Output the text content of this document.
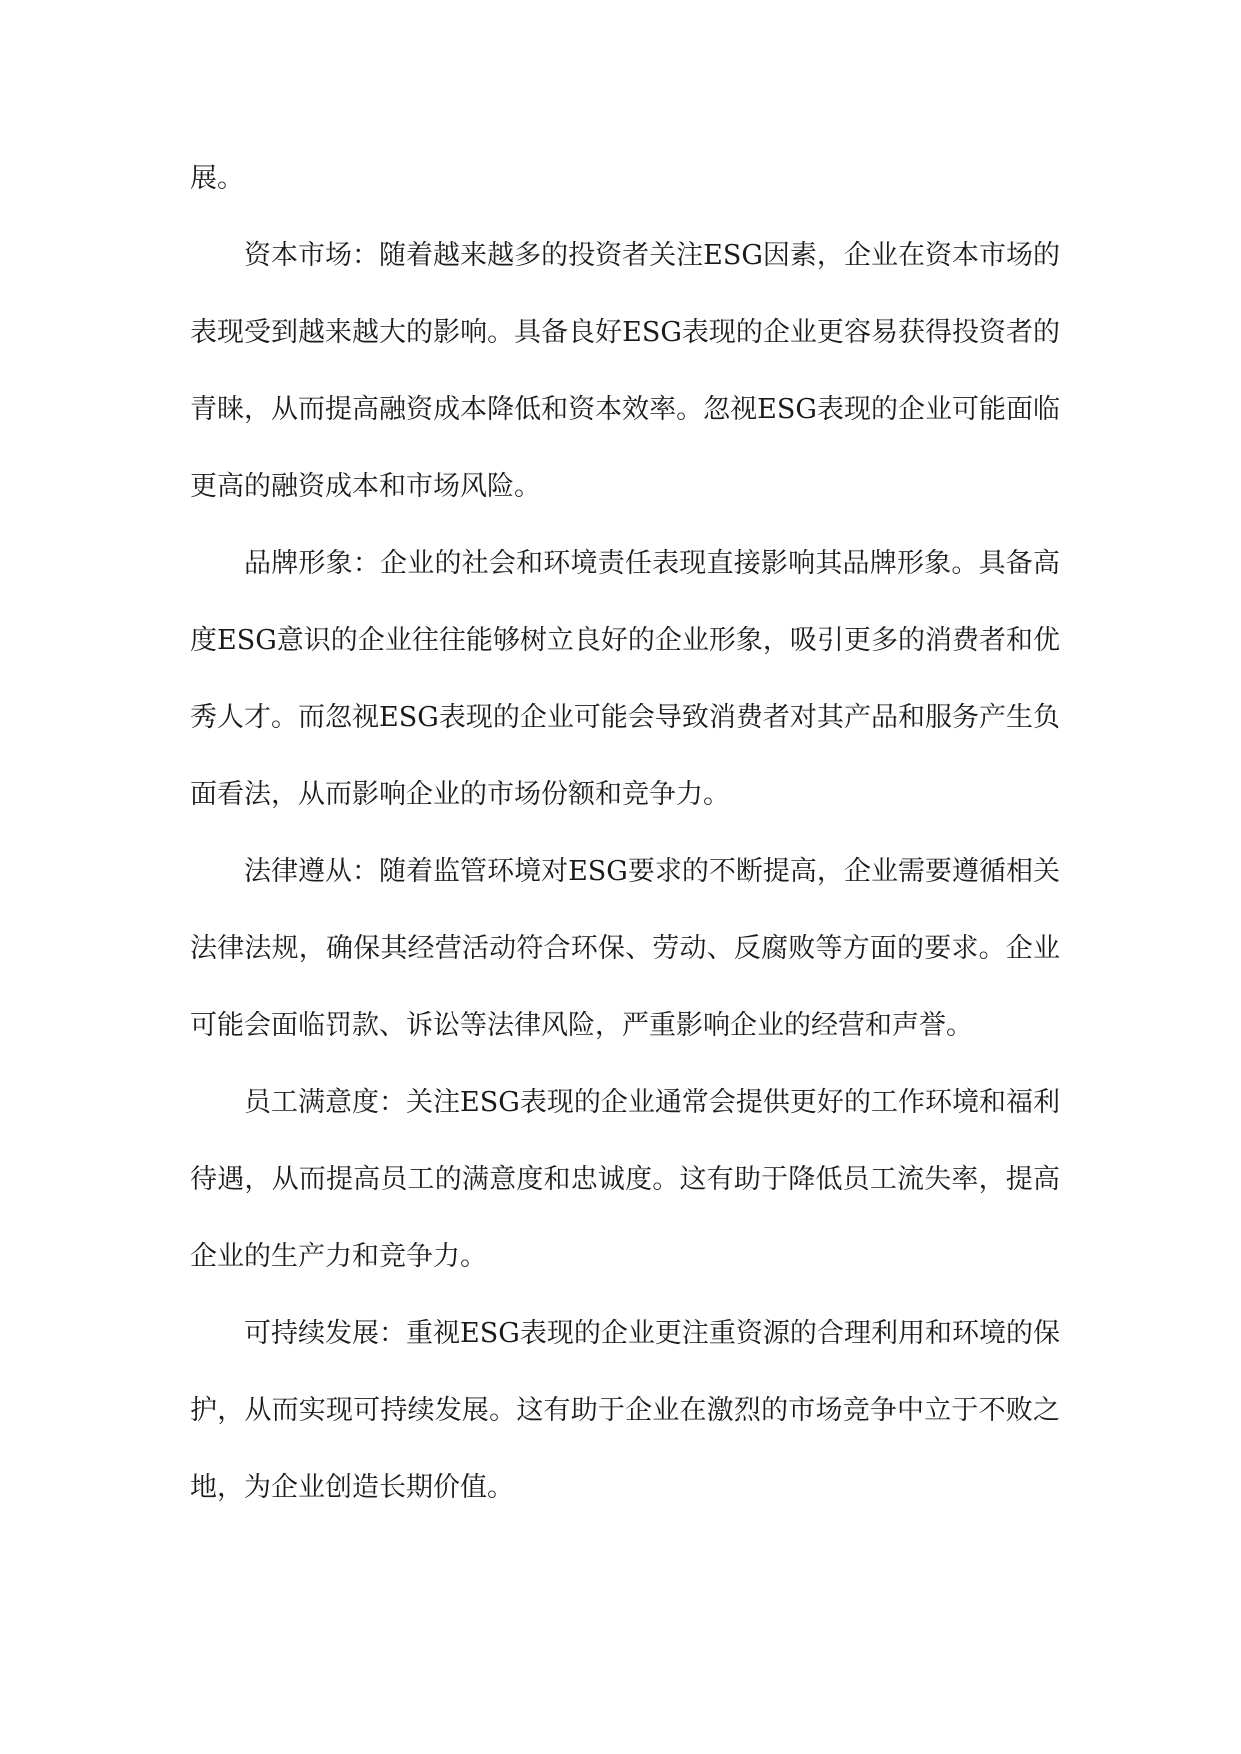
展。

资本市场：随着越来越多的投资者关注ESG因素，企业在资本市场的表现受到越来越大的影响。具备良好ESG表现的企业更容易获得投资者的青睐，从而提高融资成本降低和资本效率。忽视ESG表现的企业可能面临更高的融资成本和市场风险。

品牌形象：企业的社会和环境责任表现直接影响其品牌形象。具备高度ESG意识的企业往往能够树立良好的企业形象，吸引更多的消费者和优秀人才。而忽视ESG表现的企业可能会导致消费者对其产品和服务产生负面看法，从而影响企业的市场份额和竞争力。

法律遵从：随着监管环境对ESG要求的不断提高，企业需要遵循相关法律法规，确保其经营活动符合环保、劳动、反腐败等方面的要求。企业可能会面临罚款、诉讼等法律风险，严重影响企业的经营和声誉。

员工满意度：关注ESG表现的企业通常会提供更好的工作环境和福利待遇，从而提高员工的满意度和忠诚度。这有助于降低员工流失率，提高企业的生产力和竞争力。

可持续发展：重视ESG表现的企业更注重资源的合理利用和环境的保护，从而实现可持续发展。这有助于企业在激烈的市场竞争中立于不败之地，为企业创造长期价值。
